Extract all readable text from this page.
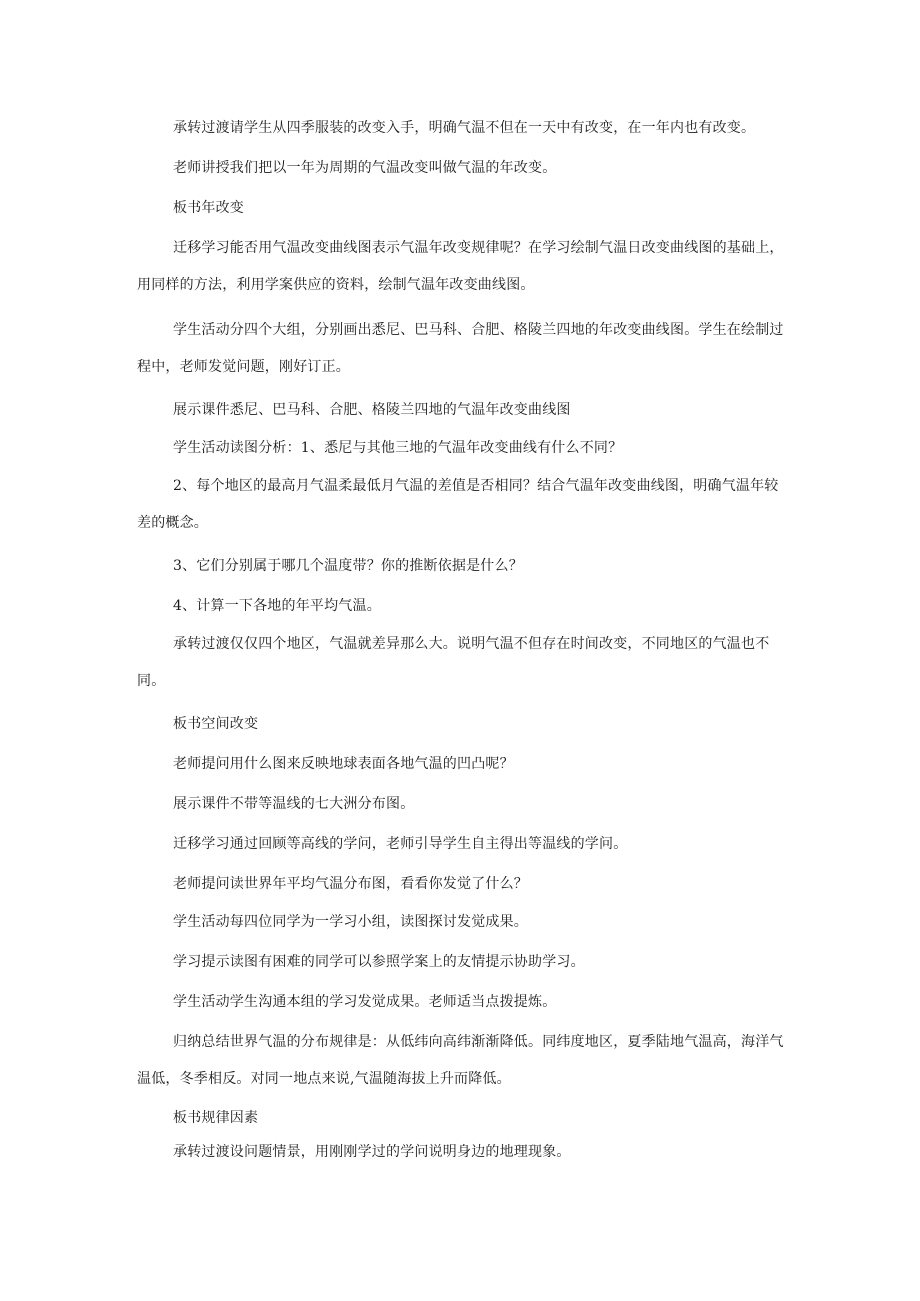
承转过渡请学生从四季服装的改变入手，明确气温不但在一天中有改变，在一年内也有改变。

老师讲授我们把以一年为周期的气温改变叫做气温的年改变。

板书年改变

迁移学习能否用气温改变曲线图表示气温年改变规律呢？在学习绘制气温日改变曲线图的基础上，用同样的方法，利用学案供应的资料，绘制气温年改变曲线图。

学生活动分四个大组，分别画出悉尼、巴马科、合肥、格陵兰四地的年改变曲线图。学生在绘制过程中，老师发觉问题，刚好订正。

展示课件悉尼、巴马科、合肥、格陵兰四地的气温年改变曲线图

学生活动读图分析：1、悉尼与其他三地的气温年改变曲线有什么不同？

2、每个地区的最高月气温柔最低月气温的差值是否相同？结合气温年改变曲线图，明确气温年较差的概念。

3、它们分别属于哪几个温度带？你的推断依据是什么？

4、计算一下各地的年平均气温。

承转过渡仅仅四个地区，气温就差异那么大。说明气温不但存在时间改变，不同地区的气温也不同。

板书空间改变

老师提问用什么图来反映地球表面各地气温的凹凸呢？

展示课件不带等温线的七大洲分布图。

迁移学习通过回顾等高线的学问，老师引导学生自主得出等温线的学问。

老师提问读世界年平均气温分布图，看看你发觉了什么？

学生活动每四位同学为一学习小组，读图探讨发觉成果。

学习提示读图有困难的同学可以参照学案上的友情提示协助学习。

学生活动学生沟通本组的学习发觉成果。老师适当点拨提炼。

归纳总结世界气温的分布规律是：从低纬向高纬渐渐降低。同纬度地区，夏季陆地气温高，海洋气温低，冬季相反。对同一地点来说,气温随海拔上升而降低。

板书规律因素

承转过渡设问题情景，用刚刚学过的学问说明身边的地理现象。
